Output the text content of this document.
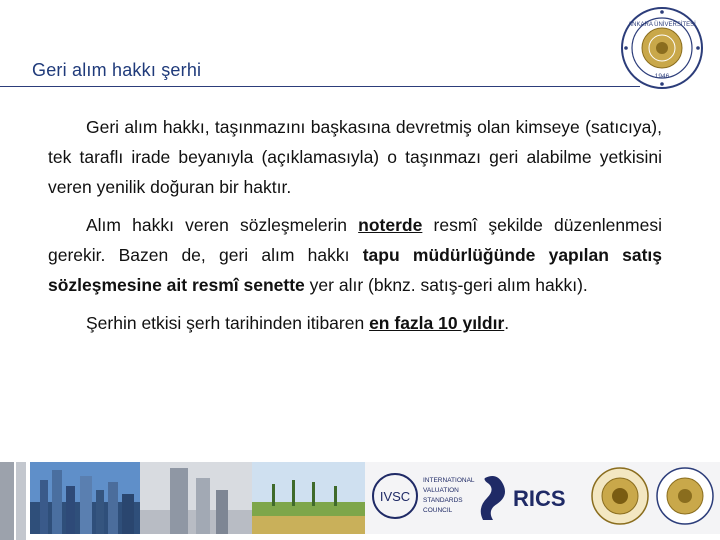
Geri alım hakkı şerhi
ANKARA ÜNİVERSİTESİ
1946

Geri alım hakkı, taşınmazını başkasına devretmiş olan kimseye (satıcıya), tek taraflı irade beyanıyla (açıklamasıyla) o taşınmazı geri alabilme yetkisini veren yenilik doğuran bir haktır.

Alım hakkı veren sözleşmelerin noterde resmî şekilde düzenlenmesi gerekir. Bazen de, geri alım hakkı tapu müdürlüğünde yapılan satış sözleşmesine ait resmî senette yer alır (bknz. satış-geri alım hakkı).

Şerhin etkisi şerh tarihinden itibaren en fazla 10 yıldır.

IVSC
INTERNATIONAL
VALUATION
STANDARDS
COUNCIL	RICS
